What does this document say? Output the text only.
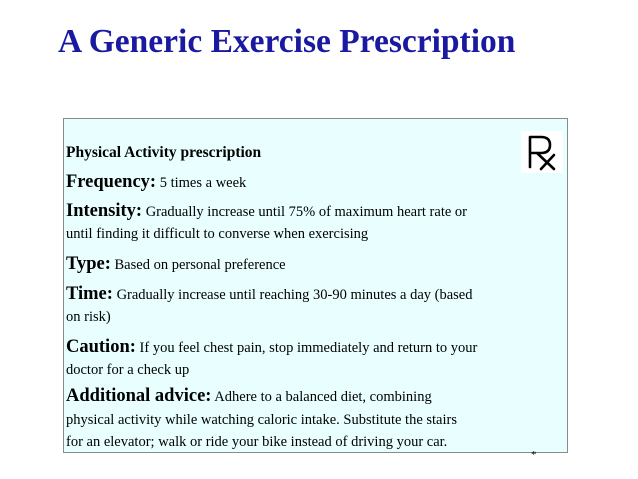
A Generic Exercise Prescription

Physical Activity prescription

Frequency: 5 times a week

Intensity: Gradually increase until 75% of maximum heart rate or

until finding it difficult to converse when exercising

Type: Based on personal preference

Time: Gradually increase until reaching 30-90 minutes a day (based

on risk)

Caution: If you feel chest pain, stop immediately and return to your

doctor for a check up

Additional advice: Adhere to a balanced diet, combining

physical activity while watching caloric intake. Substitute the stairs

for an elevator; walk or ride your bike instead of driving your car.

*
